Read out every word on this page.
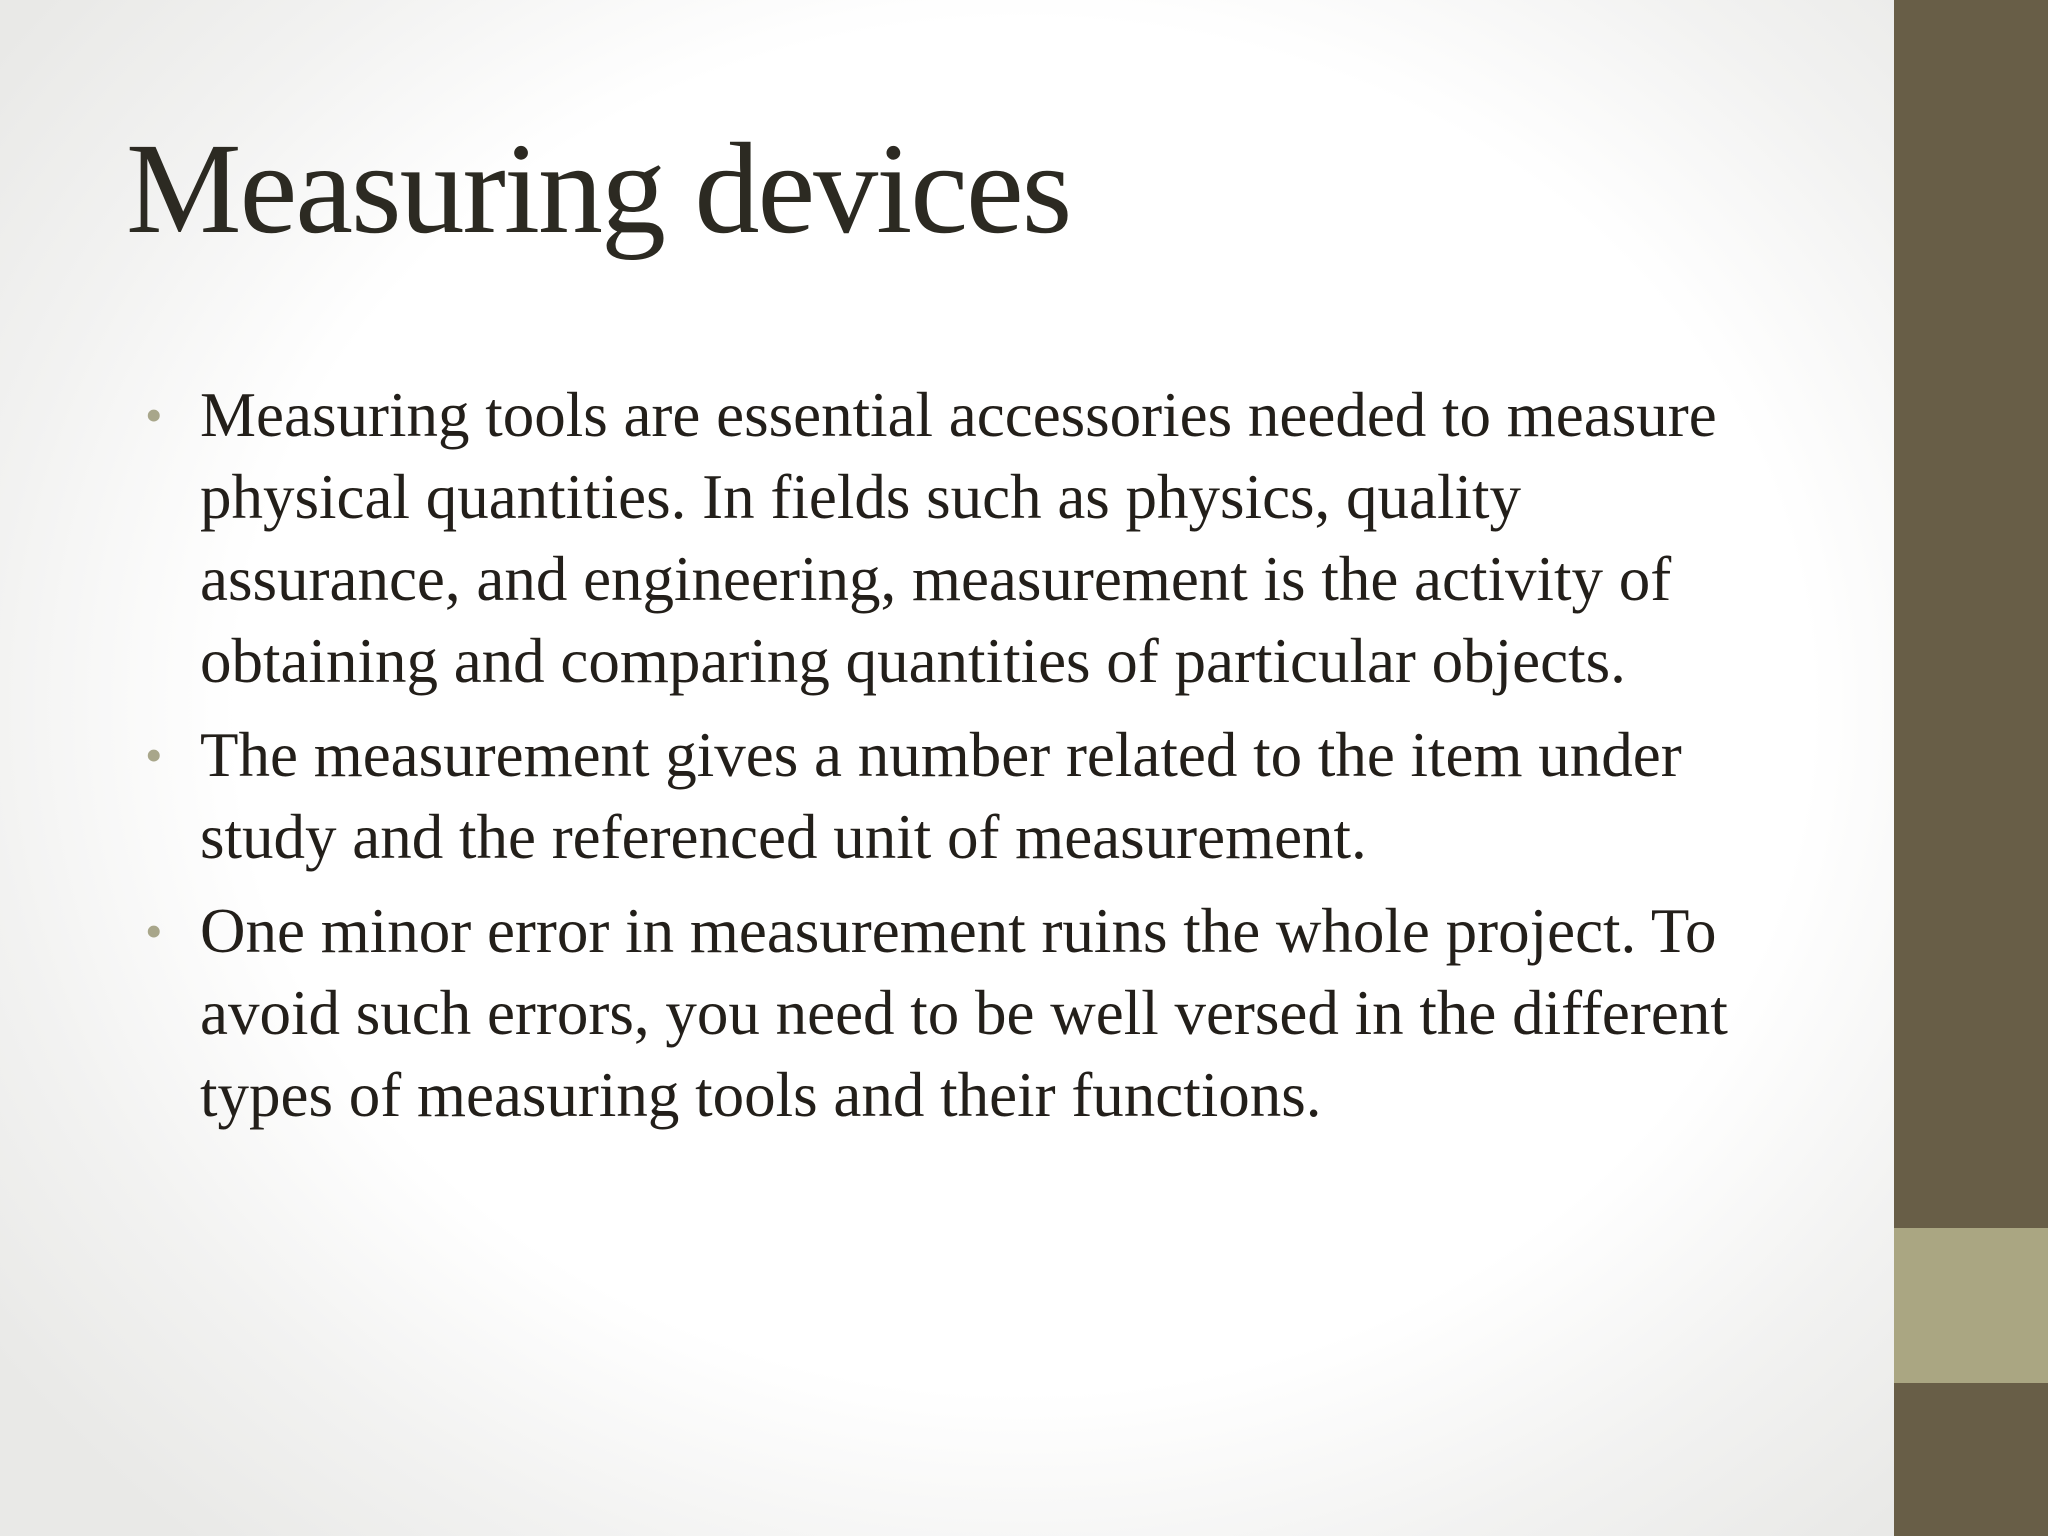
Measuring devices
• Measuring tools are essential accessories needed to measure physical quantities. In fields such as physics, quality assurance, and engineering, measurement is the activity of obtaining and comparing quantities of particular objects.
• The measurement gives a number related to the item under study and the referenced unit of measurement.
• One minor error in measurement ruins the whole project. To avoid such errors, you need to be well versed in the different types of measuring tools and their functions.
